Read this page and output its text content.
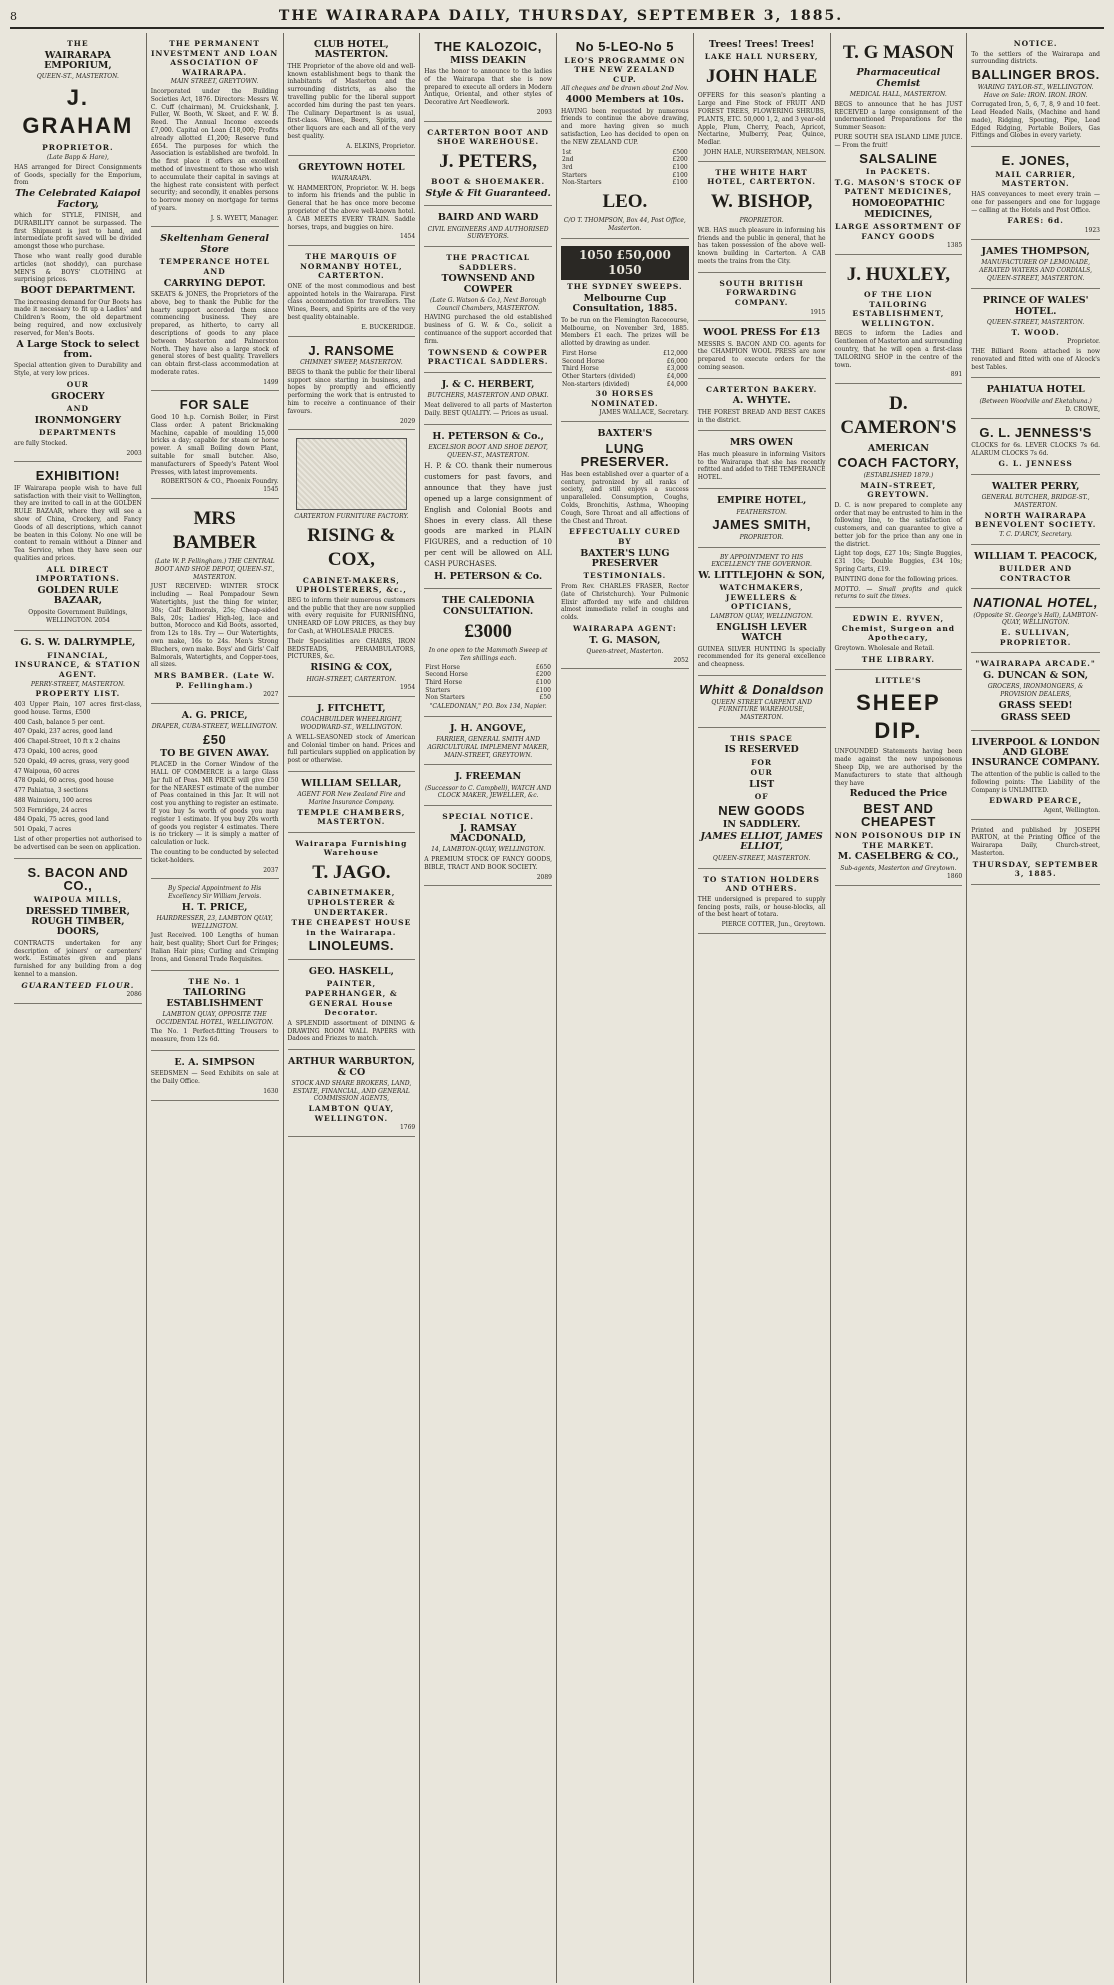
8	THE WAIRARAPA DAILY, THURSDAY, SEPTEMBER 3, 1885.
THE
WAIRARAPA EMPORIUM,
QUEEN-ST., MASTERTON.
J. GRAHAM
PROPRIETOR.
(Late Bapp & Hare),
HAS arranged for Direct Consignments of Goods, specially for the Emporium, from
The Celebrated Kaiapoi Factory,
which for STYLE, FINISH, and DURABILITY cannot be surpassed. The first Shipment is just to hand, and intermediate profit saved will be divided amongst those who purchase.
Those who want really good durable articles (not shoddy), can purchase MEN'S & BOYS' CLOTHING at surprising prices.
BOOT DEPARTMENT.
The increasing demand for Our Boots has made it necessary to fit up a Ladies' and Children's Room, the old department being required, and now exclusively reserved, for Men's Boots.
A Large Stock to select from.
Special attention given to Durability and Style, at very low prices.
OUR
GROCERY
AND
IRONMONGERY
DEPARTMENTS
are fully Stocked.
2003
EXHIBITION!
IF Wairarapa people wish to have full satisfaction with their visit to Wellington, they are invited to call in at the GOLDEN RULE BAZAAR, where they will see a show of China, Crockery, and Fancy Goods of all descriptions, which cannot be beaten in this Colony. No one will be content to remain without a Dinner and Tea Service, when they have seen our qualities and prices.
ALL DIRECT IMPORTATIONS.
GOLDEN RULE BAZAAR,
Opposite Government Buildings, WELLINGTON. 2054
G. S. W. DALRYMPLE,
FINANCIAL, INSURANCE, & STATION AGENT.
PERRY-STREET, MASTERTON.
PROPERTY LIST.
403 Upper Plain, 107 acres first-class, good house. Terms, £500
400 Cash, balance 5 per cent.
407 Opaki, 237 acres, good land
406 Chapel-Street, 10 ft x 2 chains
473 Opaki, 100 acres, good
520 Opaki, 49 acres, grass, very good
47 Waipoua, 60 acres
478 Opaki, 60 acres, good house
477 Pahiatua, 3 sections
488 Wainuioru, 100 acres
503 Fernridge, 24 acres
484 Opaki, 75 acres, good land
501 Opaki, 7 acres
List of other properties not authorised to be advertised can be seen on application.
S. BACON AND CO.,
WAIPOUA MILLS,
DRESSED TIMBER, ROUGH TIMBER, DOORS,
CONTRACTS undertaken for any description of joiners' or carpenters' work. Estimates given and plans furnished for any building from a dog kennel to a mansion.
GUARANTEED FLOUR.
2086
THE PERMANENT INVESTMENT AND LOAN ASSOCIATION OF WAIRARAPA.
MAIN STREET, GREYTOWN.
Incorporated under the Building Societies Act, 1876. Directors: Messrs W. C. Cuff (chairman), M. Cruickshank, J. Fuller, W. Booth, W. Skeet, and F. W. B. Reed. The Annual Income exceeds £7,000. Capital on Loan £18,000; Profits already allotted £1,200; Reserve fund £654. The purposes for which the Association is established are twofold. In the first place it offers an excellent method of investment to those who wish to accumulate their capital in savings at the highest rate consistent with perfect security; and secondly, it enables persons to borrow money on mortgage for terms of years.
J. S. WYETT, Manager.
Skeltenham General Store
TEMPERANCE HOTEL AND
CARRYING DEPOT.
SKEATS & JONES, the Proprietors of the above, beg to thank the Public for the hearty support accorded them since commencing business. They are prepared, as hitherto, to carry all descriptions of goods to any place between Masterton and Palmerston North. They have also a large stock of general stores of best quality. Travellers can obtain first-class accommodation at moderate rates.
1499
FOR SALE
Good 10 h.p. Cornish Boiler, in First Class order. A patent Brickmaking Machine, capable of moulding 15,000 bricks a day; capable for steam or horse power. A small Boiling down Plant, suitable for small butcher. Also, manufacturers of Speedy's Patent Wool Presses, with latest improvements.
ROBERTSON & CO., Phoenix Foundry.
1545
MRS BAMBER
(Late W. P. Fellingham.) THE CENTRAL BOOT AND SHOE DEPOT, QUEEN-ST., MASTERTON.
JUST RECEIVED: WINTER STOCK including — Real Pompadour Sewn Watertights, just the thing for winter, 30s; Calf Balmorals, 25s; Cheap-sided Bals, 20s; Ladies' High-leg, lace and button, Morocco and Kid Boots, assorted, from 12s to 18s. Try — Our Watertights, own make, 16s to 24s. Men's Strong Bluchers, own make. Boys' and Girls' Calf Balmorals, Watertights, and Copper-toes, all sizes.
MRS BAMBER. (Late W. P. Fellingham.)
2027
A. G. PRICE,
DRAPER, CUBA-STREET, WELLINGTON.
£50
TO BE GIVEN AWAY.
PLACED in the Corner Window of the HALL OF COMMERCE is a large Glass Jar full of Peas. MR PRICE will give £50 for the NEAREST estimate of the number of Peas contained in this Jar. It will not cost you anything to register an estimate. If you buy 5s worth of goods you may register 1 estimate. If you buy 20s worth of goods you register 4 estimates. There is no trickery — it is simply a matter of calculation or luck.
The counting to be conducted by selected ticket-holders.
2037
By Special Appointment to His Excellency Sir William Jervois.
H. T. PRICE,
HAIRDRESSER, 23, LAMBTON QUAY, WELLINGTON.
Just Received. 100 Lengths of human hair, best quality; Short Curl for Fringes; Italian Hair pins; Curling and Crimping Irons, and General Trade Requisites.
THE No. 1
TAILORING ESTABLISHMENT
LAMBTON QUAY, OPPOSITE THE OCCIDENTAL HOTEL, WELLINGTON.
The No. 1 Perfect-fitting Trousers to measure, from 12s 6d.
E. A. SIMPSON
SEEDSMEN — Seed Exhibits on sale at the Daily Office.
1630
CLUB HOTEL, MASTERTON.
THE Proprietor of the above old and well-known establishment begs to thank the inhabitants of Masterton and the surrounding districts, as also the travelling public for the liberal support accorded him during the past ten years. The Culinary Department is as usual, first-class. Wines, Beers, Spirits, and other liquors are each and all of the very best quality.
A. ELKINS, Proprietor.
GREYTOWN HOTEL
WAIRARAPA.
W. HAMMERTON, Proprietor. W. H. begs to inform his friends and the public in General that he has once more become proprietor of the above well-known hotel. A CAB MEETS EVERY TRAIN. Saddle horses, traps, and buggies on hire.
1454
THE MARQUIS OF NORMANBY HOTEL, CARTERTON.
ONE of the most commodious and best appointed hotels in the Wairarapa. First class accommodation for travellers. The Wines, Beers, and Spirits are of the very best quality obtainable.
E. BUCKERIDGE.
J. RANSOME
CHIMNEY SWEEP, MASTERTON.
BEGS to thank the public for their liberal support since starting in business, and hopes by promptly and efficiently performing the work that is entrusted to him to receive a continuance of their favours.
2029
CARTERTON FURNITURE FACTORY.
RISING & COX,
CABINET-MAKERS, UPHOLSTERERS, &c.,
BEG to inform their numerous customers and the public that they are now supplied with every requisite for FURNISHING, UNHEARD OF LOW PRICES, as they buy for Cash, at WHOLESALE PRICES.
Their Specialities are CHAIRS, IRON BEDSTEADS, PERAMBULATORS, PICTURES, &c.
RISING & COX,
HIGH-STREET, CARTERTON.
1954
J. FITCHETT,
COACHBUILDER WHEELRIGHT, WOODWARD-ST., WELLINGTON.
A WELL-SEASONED stock of American and Colonial timber on hand. Prices and full particulars supplied on application by post or otherwise.
WILLIAM SELLAR,
AGENT FOR New Zealand Fire and Marine Insurance Company.
TEMPLE CHAMBERS, MASTERTON.
Wairarapa Furnishing Warehouse
T. JAGO.
CABINETMAKER, UPHOLSTERER & UNDERTAKER.
THE CHEAPEST HOUSE in the Wairarapa.
LINOLEUMS.
GEO. HASKELL,
PAINTER, PAPERHANGER, & GENERAL House Decorator.
A SPLENDID assortment of DINING & DRAWING ROOM WALL PAPERS with Dadoes and Friezes to match.
ARTHUR WARBURTON, & CO
STOCK AND SHARE BROKERS, LAND, ESTATE, FINANCIAL, AND GENERAL COMMISSION AGENTS,
LAMBTON QUAY, WELLINGTON.
1769
THE KALOZOIC,
MISS DEAKIN
Has the honor to announce to the ladies of the Wairarapa that she is now prepared to execute all orders in Modern Antique, Oriental, and other styles of Decorative Art Needlework.
2093
CARTERTON BOOT AND SHOE WAREHOUSE.
J. PETERS,
BOOT & SHOEMAKER.
Style & Fit Guaranteed.
BAIRD AND WARD
CIVIL ENGINEERS AND AUTHORISED SURVEYORS.
THE PRACTICAL SADDLERS.
TOWNSEND AND COWPER
(Late G. Watson & Co.), Next Borough Council Chambers, MASTERTON.
HAVING purchased the old established business of G. W. & Co., solicit a continuance of the support accorded that firm.
TOWNSEND & COWPER PRACTICAL SADDLERS.
J. & C. HERBERT,
BUTCHERS, MASTERTON AND OPAKI.
Meat delivered to all parts of Masterton Daily. BEST QUALITY. — Prices as usual.
H. PETERSON & Co.,
EXCELSIOR BOOT AND SHOE DEPOT, QUEEN-ST., MASTERTON.
H. P. & CO. thank their numerous customers for past favors, and announce that they have just opened up a large consignment of English and Colonial Boots and Shoes in every class. All these goods are marked in PLAIN FIGURES, and a reduction of 10 per cent will be allowed on ALL CASH PURCHASES.
H. PETERSON & Co.
THE CALEDONIA CONSULTATION.
£3000
In one open to the Mammoth Sweep at Ten shillings each.
First Horse	£650
Second Horse	£200
Third Horse	£100
Starters	£100
Non Starters	£50
"CALEDONIAN," P.O. Box 134, Napier.
J. H. ANGOVE,
FARRIER, GENERAL SMITH AND AGRICULTURAL IMPLEMENT MAKER, MAIN-STREET, GREYTOWN.
J. FREEMAN
(Successor to C. Campbell), WATCH AND CLOCK MAKER, JEWELLER, &c.
SPECIAL NOTICE.
J. RAMSAY MACDONALD,
14, LAMBTON-QUAY, WELLINGTON.
A PREMIUM STOCK OF FANCY GOODS, BIBLE, TRACT AND BOOK SOCIETY.
2089
No 5-LEO-No 5
LEO'S PROGRAMME ON THE NEW ZEALAND CUP.
All cheques and be drawn about 2nd Nov.
4000 Members at 10s.
HAVING been requested by numerous friends to continue the above drawing, and more having given so much satisfaction, Leo has decided to open on the NEW ZEALAND CUP.
1st	£500
2nd	£200
3rd	£100
Starters	£100
Non-Starters	£100
LEO.
C/O T. THOMPSON, Box 44, Post Office, Masterton.
1050 £50,000 1050
THE SYDNEY SWEEPS.
Melbourne Cup Consultation, 1885.
To be run on the Flemington Racecourse, Melbourne, on November 3rd, 1885. Members £1 each. The prizes will be allotted by drawing as under.
First Horse	£12,000
Second Horse	£6,000
Third Horse	£3,000
Other Starters (divided)	£4,000
Non-starters (divided)	£4,000
30 HORSES NOMINATED.
JAMES WALLACE, Secretary.
BAXTER'S
LUNG PRESERVER.
Has been established over a quarter of a century, patronized by all ranks of society, and still enjoys a success unparalleled. Consumption, Coughs, Colds, Bronchitis, Asthma, Whooping Cough, Sore Throat and all affections of the Chest and Throat.
EFFECTUALLY CURED BY
BAXTER'S LUNG PRESERVER
TESTIMONIALS.
From Rev. CHARLES FRASER, Rector (late of Christchurch). Your Pulmonic Elixir afforded my wife and children almost immediate relief in coughs and colds.
WAIRARAPA AGENT:
T. G. MASON,
Queen-street, Masterton.
2052
Trees! Trees! Trees!
LAKE HALL NURSERY,
JOHN HALE
OFFERS for this season's planting a Large and Fine Stock of FRUIT AND FOREST TREES, FLOWERING SHRUBS, PLANTS, ETC. 50,000 1, 2, and 3 year-old Apple, Plum, Cherry, Peach, Apricot, Nectarine, Mulberry, Pear, Quince, Medlar.
JOHN HALE, NURSERYMAN, NELSON.
THE WHITE HART HOTEL, CARTERTON.
W. BISHOP,
PROPRIETOR.
W.B. HAS much pleasure in informing his friends and the public in general, that he has taken possession of the above well-known building in Carterton. A CAB meets the trains from the City.
SOUTH BRITISH FORWARDING COMPANY.
1915
WOOL PRESS For £13
MESSRS S. BACON AND CO. agents for the CHAMPION WOOL PRESS are now prepared to execute orders for the coming season.
CARTERTON BAKERY.
A. WHYTE.
THE FOREST BREAD AND BEST CAKES in the district.
MRS OWEN
Has much pleasure in informing Visitors to the Wairarapa that she has recently refitted and added to THE TEMPERANCE HOTEL.
EMPIRE HOTEL,
FEATHERSTON.
JAMES SMITH,
PROPRIETOR.
BY APPOINTMENT TO HIS EXCELLENCY THE GOVERNOR.
W. LITTLEJOHN & SON,
WATCHMAKERS, JEWELLERS & OPTICIANS,
LAMBTON QUAY, WELLINGTON.
ENGLISH LEVER WATCH
GUINEA SILVER HUNTING Is specially recommended for its general excellence and cheapness.
Whitt & Donaldson
QUEEN STREET CARPENT AND FURNITURE WAREHOUSE, MASTERTON.
THIS SPACE
IS RESERVED
FOR
OUR
LIST
OF
NEW GOODS
IN SADDLERY.
JAMES ELLIOT, JAMES ELLIOT,
QUEEN-STREET, MASTERTON.
TO STATION HOLDERS AND OTHERS.
THE undersigned is prepared to supply fencing posts, rails, or house-blocks, all of the best heart of totara.
PIERCE COTTER, Jun., Greytown.
T. G MASON
Pharmaceutical Chemist
MEDICAL HALL, MASTERTON.
BEGS to announce that he has JUST RECEIVED a large consignment of the undermentioned Preparations for the Summer Season:
PURE SOUTH SEA ISLAND LIME JUICE. — From the fruit!
SALSALINE
In PACKETS.
T.G. MASON'S STOCK OF PATENT MEDICINES,
HOMOEOPATHIC MEDICINES,
LARGE ASSORTMENT OF FANCY GOODS
1385
J. HUXLEY,
OF THE LION TAILORING ESTABLISHMENT, WELLINGTON.
BEGS to inform the Ladies and Gentlemen of Masterton and surrounding country, that he will open a first-class TAILORING SHOP in the centre of the town.
891
D. CAMERON'S
AMERICAN
COACH FACTORY,
(ESTABLISHED 1879.)
MAIN-STREET, GREYTOWN.
D. C. is now prepared to complete any order that may be entrusted to him in the following line, to the satisfaction of customers, and can guarantee to give a better job for the price than any one in the district.
Light top dogs, £27 10s; Single Buggies, £31 10s; Double Buggies, £34 10s; Spring Carts, £19.
PAINTING done for the following prices.
MOTTO. — Small profits and quick returns to suit the times.
EDWIN E. RYVEN, Chemist, Surgeon and Apothecary,
Greytown. Wholesale and Retail.
THE LIBRARY.
LITTLE'S
SHEEP DIP.
UNFOUNDED Statements having been made against the new unpoisonous Sheep Dip, we are authorised by the Manufacturers to state that although they have
Reduced the Price
BEST AND CHEAPEST
NON POISONOUS DIP IN THE MARKET.
M. CASELBERG & CO.,
Sub-agents, Masterton and Greytown.
1860
NOTICE.
To the settlers of the Wairarapa and surrounding districts.
BALLINGER BROS.
WARING TAYLOR-ST., WELLINGTON. Have on Sale: IRON. IRON. IRON.
Corrugated Iron, 5, 6, 7, 8, 9 and 10 feet. Lead Headed Nails, (Machine and hand made), Ridging, Spouting, Pipe, Lead Edged Ridging, Portable Boilers, Gas Fittings and Globes in every variety.
E. JONES,
MAIL CARRIER, MASTERTON.
HAS conveyances to meet every train — one for passengers and one for luggage — calling at the Hotels and Post Office.
FARES: 6d.
1923
JAMES THOMPSON,
MANUFACTURER OF LEMONADE, AERATED WATERS AND CORDIALS,
QUEEN-STREET, MASTERTON.
PRINCE OF WALES' HOTEL.
QUEEN-STREET, MASTERTON.
T. WOOD.
Proprietor.
THE Billiard Room attached is now renovated and fitted with one of Alcock's best Tables.
PAHIATUA HOTEL
(Between Woodville and Eketahuna.)
D. CROWE,
G. L. JENNESS'S
CLOCKS for 6s. LEVER CLOCKS 7s 6d. ALARUM CLOCKS 7s 6d.
G. L. JENNESS
WALTER PERRY,
GENERAL BUTCHER, BRIDGE-ST., MASTERTON.
NORTH WAIRARAPA BENEVOLENT SOCIETY.
T. C. D'ARCY, Secretary.
WILLIAM T. PEACOCK,
BUILDER AND CONTRACTOR
NATIONAL HOTEL,
(Opposite St. George's Hall), LAMBTON-QUAY, WELLINGTON.
E. SULLIVAN, PROPRIETOR.
"WAIRARAPA ARCADE."
G. DUNCAN & SON,
GROCERS, IRONMONGERS, & PROVISION DEALERS,
GRASS SEED!
GRASS SEED
LIVERPOOL & LONDON AND GLOBE INSURANCE COMPANY.
The attention of the public is called to the following points: The Liability of the Company is UNLIMITED.
EDWARD PEARCE,
Agent, Wellington.
Printed and published by JOSEPH PARTON, at the Printing Office of the Wairarapa Daily, Church-street, Masterton.
THURSDAY, SEPTEMBER 3, 1885.
